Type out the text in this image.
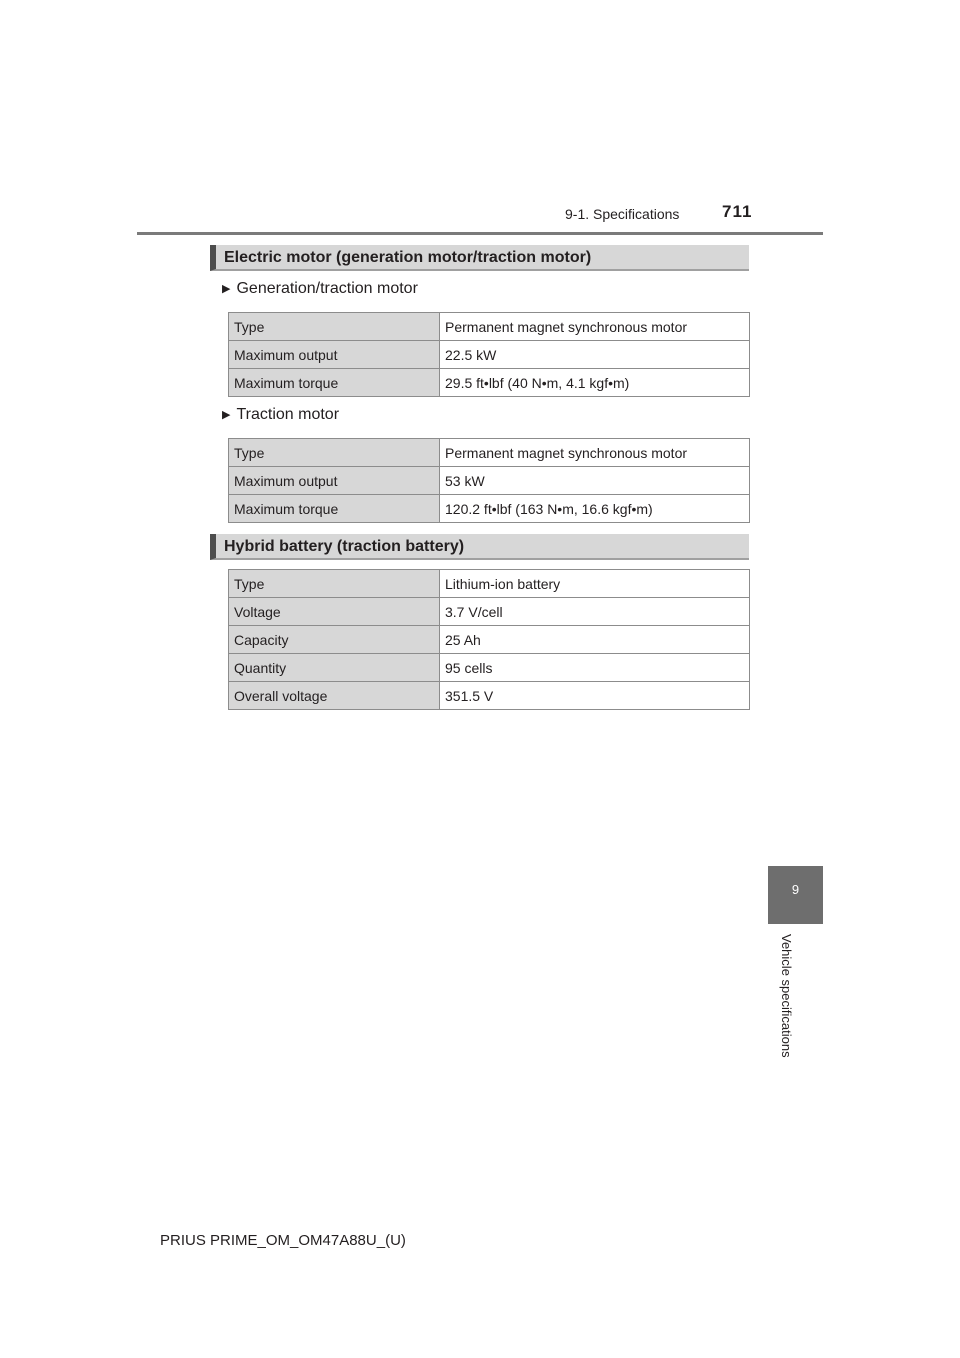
9-1. Specifications	711
Electric motor (generation motor/traction motor)
▶ Generation/traction motor
Type	Permanent magnet synchronous motor
Maximum output	22.5 kW
Maximum torque	29.5 ft•lbf (40 N•m, 4.1 kgf•m)
▶ Traction motor
Type	Permanent magnet synchronous motor
Maximum output	53 kW
Maximum torque	120.2 ft•lbf (163 N•m, 16.6 kgf•m)
Hybrid battery (traction battery)
Type	Lithium-ion battery
Voltage	3.7 V/cell
Capacity	25 Ah
Quantity	95 cells
Overall voltage	351.5 V
9
Vehicle specifications
PRIUS PRIME_OM_OM47A88U_(U)
